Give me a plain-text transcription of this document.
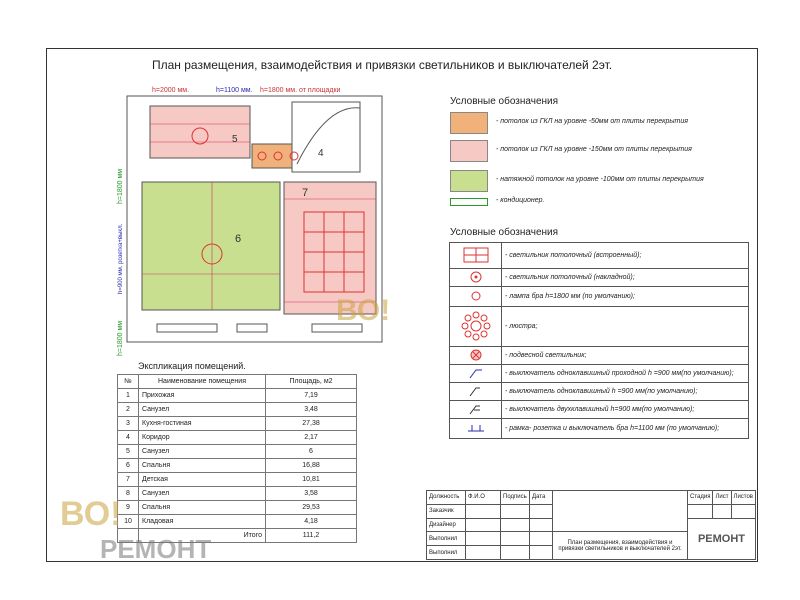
План размещения, взаимодействия и привязки светильников и выключателей 2эт.
5
4
6
7
h=2000 мм.	h=1100 мм. h=1800 мм. от площадки
h=1800 мм
h=900 мм. розетка+выкл.
h=1800 мм
Условные обозначения
- потолок из ГКЛ на уровне -50мм от плиты перекрытия
- потолок из ГКЛ на уровне -150мм от плиты перекрытия
- натяжной потолок на уровне -100мм от плиты перекрытия
- кондиционер.
Условные обозначения
	- светильник потолочный (встроенный);
	- светильник потолочный (накладной);
	- лампа бра h=1800 мм (по умолчанию);
	- люстра;
	- подвесной светильник;
	- выключатель одноклавишный проходной h =900 мм(по умолчанию);
	- выключатель одноклавишный h =900 мм(по умолчанию);
	- выключатель двухклавишный h=900 мм(по умолчанию);
	- рамка- розетка и выключатель бра h=1100 мм (по умолчанию);
Экспликация помещений.
№	Наименование помещения	Площадь, м2
1	Прихожая	7,19
2	Санузел	3,48
3	Кухня-гостиная	27,38
4	Коридор	2,17
5	Санузел	6
6	Спальня	16,88
7	Детская	10,81
8	Санузел	3,58
9	Спальня	29,53
10	Кладовая	4,18
	Итого	111,2
Должность	Ф.И.О	Подпись	Дата		Стадия	Лист	Листов
Заказчик							
Дизайнер					РЕМОНТ		
Выполнил				План размещения, взаимодействия и привязки светильников и выключателей 2эт.			
Выполнил							
ВО!
ВО!
РЕМОНТ
